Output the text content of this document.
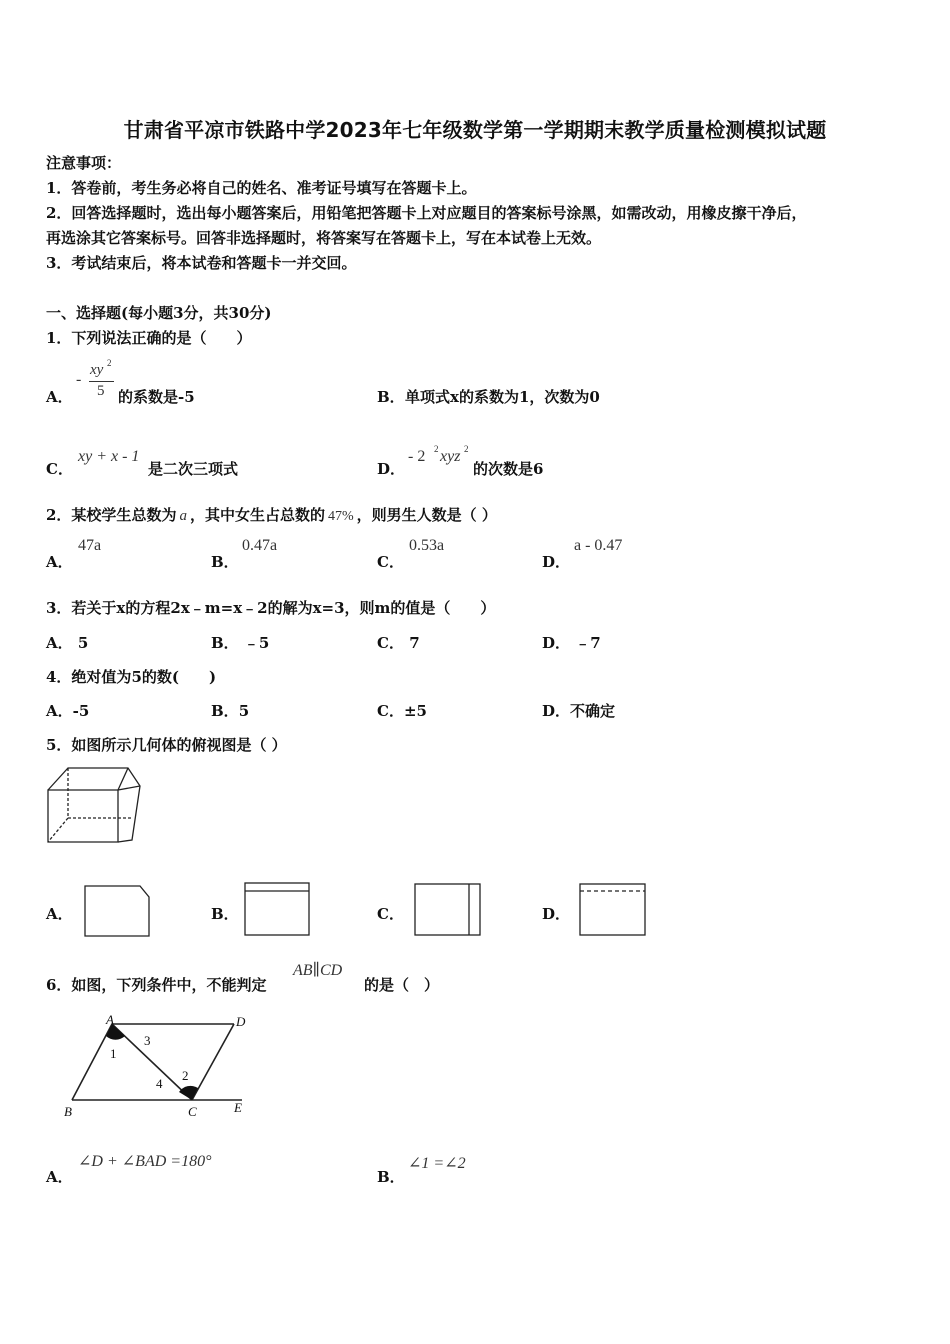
甘肃省平凉市铁路中学2023年七年级数学第一学期期末教学质量检测模拟试题
注意事项：
1．答卷前，考生务必将自己的姓名、准考证号填写在答题卡上。
2．回答选择题时，选出每小题答案后，用铅笔把答题卡上对应题目的答案标号涂黑，如需改动，用橡皮擦干净后，
再选涂其它答案标号。回答非选择题时，将答案写在答题卡上，写在本试卷上无效。
3．考试结束后，将本试卷和答题卡一并交回。
一、选择题(每小题3分，共30分)
1．下列说法正确的是（　　）
A．
-
xy 2
5 的系数是-5	B． 单项式x的系数为1，次数为0
C．
xy + x - 1
是二次三项式	D．
- 2 2 xyz 2
的次数是6
2．某校学生总数为 a ，其中女生占总数的 47% ，则男生人数是（ ）
A．
47a
B．
0.47a
C．
0.53a
D．
a - 0.47
3．若关于x的方程2x﹣m=x﹣2的解为x=3，则m的值是（　　）
A． 5	B． ﹣5	C． 7	D． ﹣7
4．绝对值为5的数(　　)
A．-5	B．5	C．±5	D．不确定
5．如图所示几何体的俯视图是（ ）
A．	B．	C．	D．
6．如图，下列条件中，不能判定
AB∥CD
的是（　）
A	D
B	C	E
1
3
2
4
A．
∠D + ∠BAD =180°
B．
∠1 =∠2
